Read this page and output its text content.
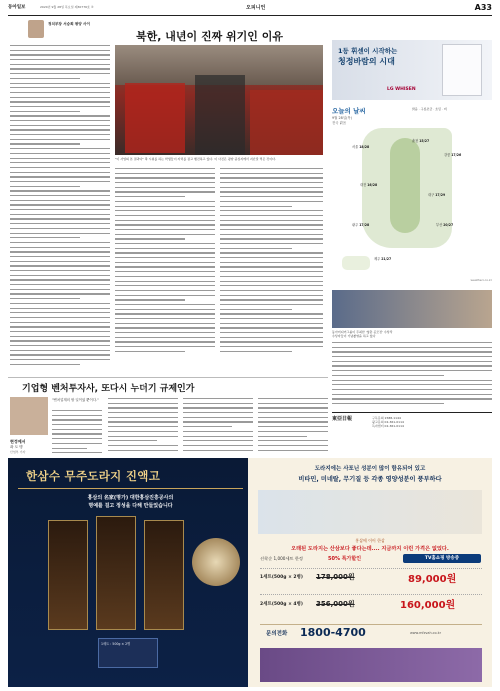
동아일보	2020년 9월 28일 목요일 제30776호 ④	오피니언	A33
정치부장 서승희 평양 사이
북한, 내년이 진짜 위기인 이유
"이 사업의 본 결과다" 축 시위를 하는 학생들이 자리를 잡고 행진하고 있다. 이 사진은 평양 중심지에서 지난달 찍은 것이다.
1등 휘센이 시작하는
청정바람의 시대
LG WHISEN
오늘의 날씨
9월 28일(목)
전국 맑음
맑음 · 구름조금 · 흐림 · 비
서울 18/28
춘천 15/27
강릉 17/26
대전 16/28
대구 17/29
광주 17/28	부산 20/27
제주 21/27
weatheri.co.kr
동아미디어그룹이 주최한 '청춘 공모전' 수상작
수상자들이 기념촬영을 하고 있다
東亞日報	구독문의 1588-1144
광고문의 02-361-0114
독자센터 02-361-0114
기업형 벤처투자사, 또다시 누더기 규제인가
현정예서
곽 도 명
산업부 기자
"벤처업계의 할 일이었 뿐이다."
한삼수 무주도라지 진액고
홍삼의 名家(명가) 대한홍삼진흥공사의
명예를 걸고 정성을 다해 만들었습니다
1세트 : 500g × 2병
도라지에는 사포닌 성분이 많이 함유되어 있고
비타민, 미네랄, 무기질 등 각종 영양성분이 풍부하다
홍삼에 이어 한삼
오래된 도라지는 산삼보다 좋다는데.... 지금까지 이런 가격은 없었다.
선착순 1,000세트 한정	50% 특가할인	TV홈쇼핑 방송중
1세트(500g × 2병) 178,000원	89,000원
2세트(500g × 4병) 356,000원	160,000원
문의전화 1800-4700	www.mfzvah.co.kr
